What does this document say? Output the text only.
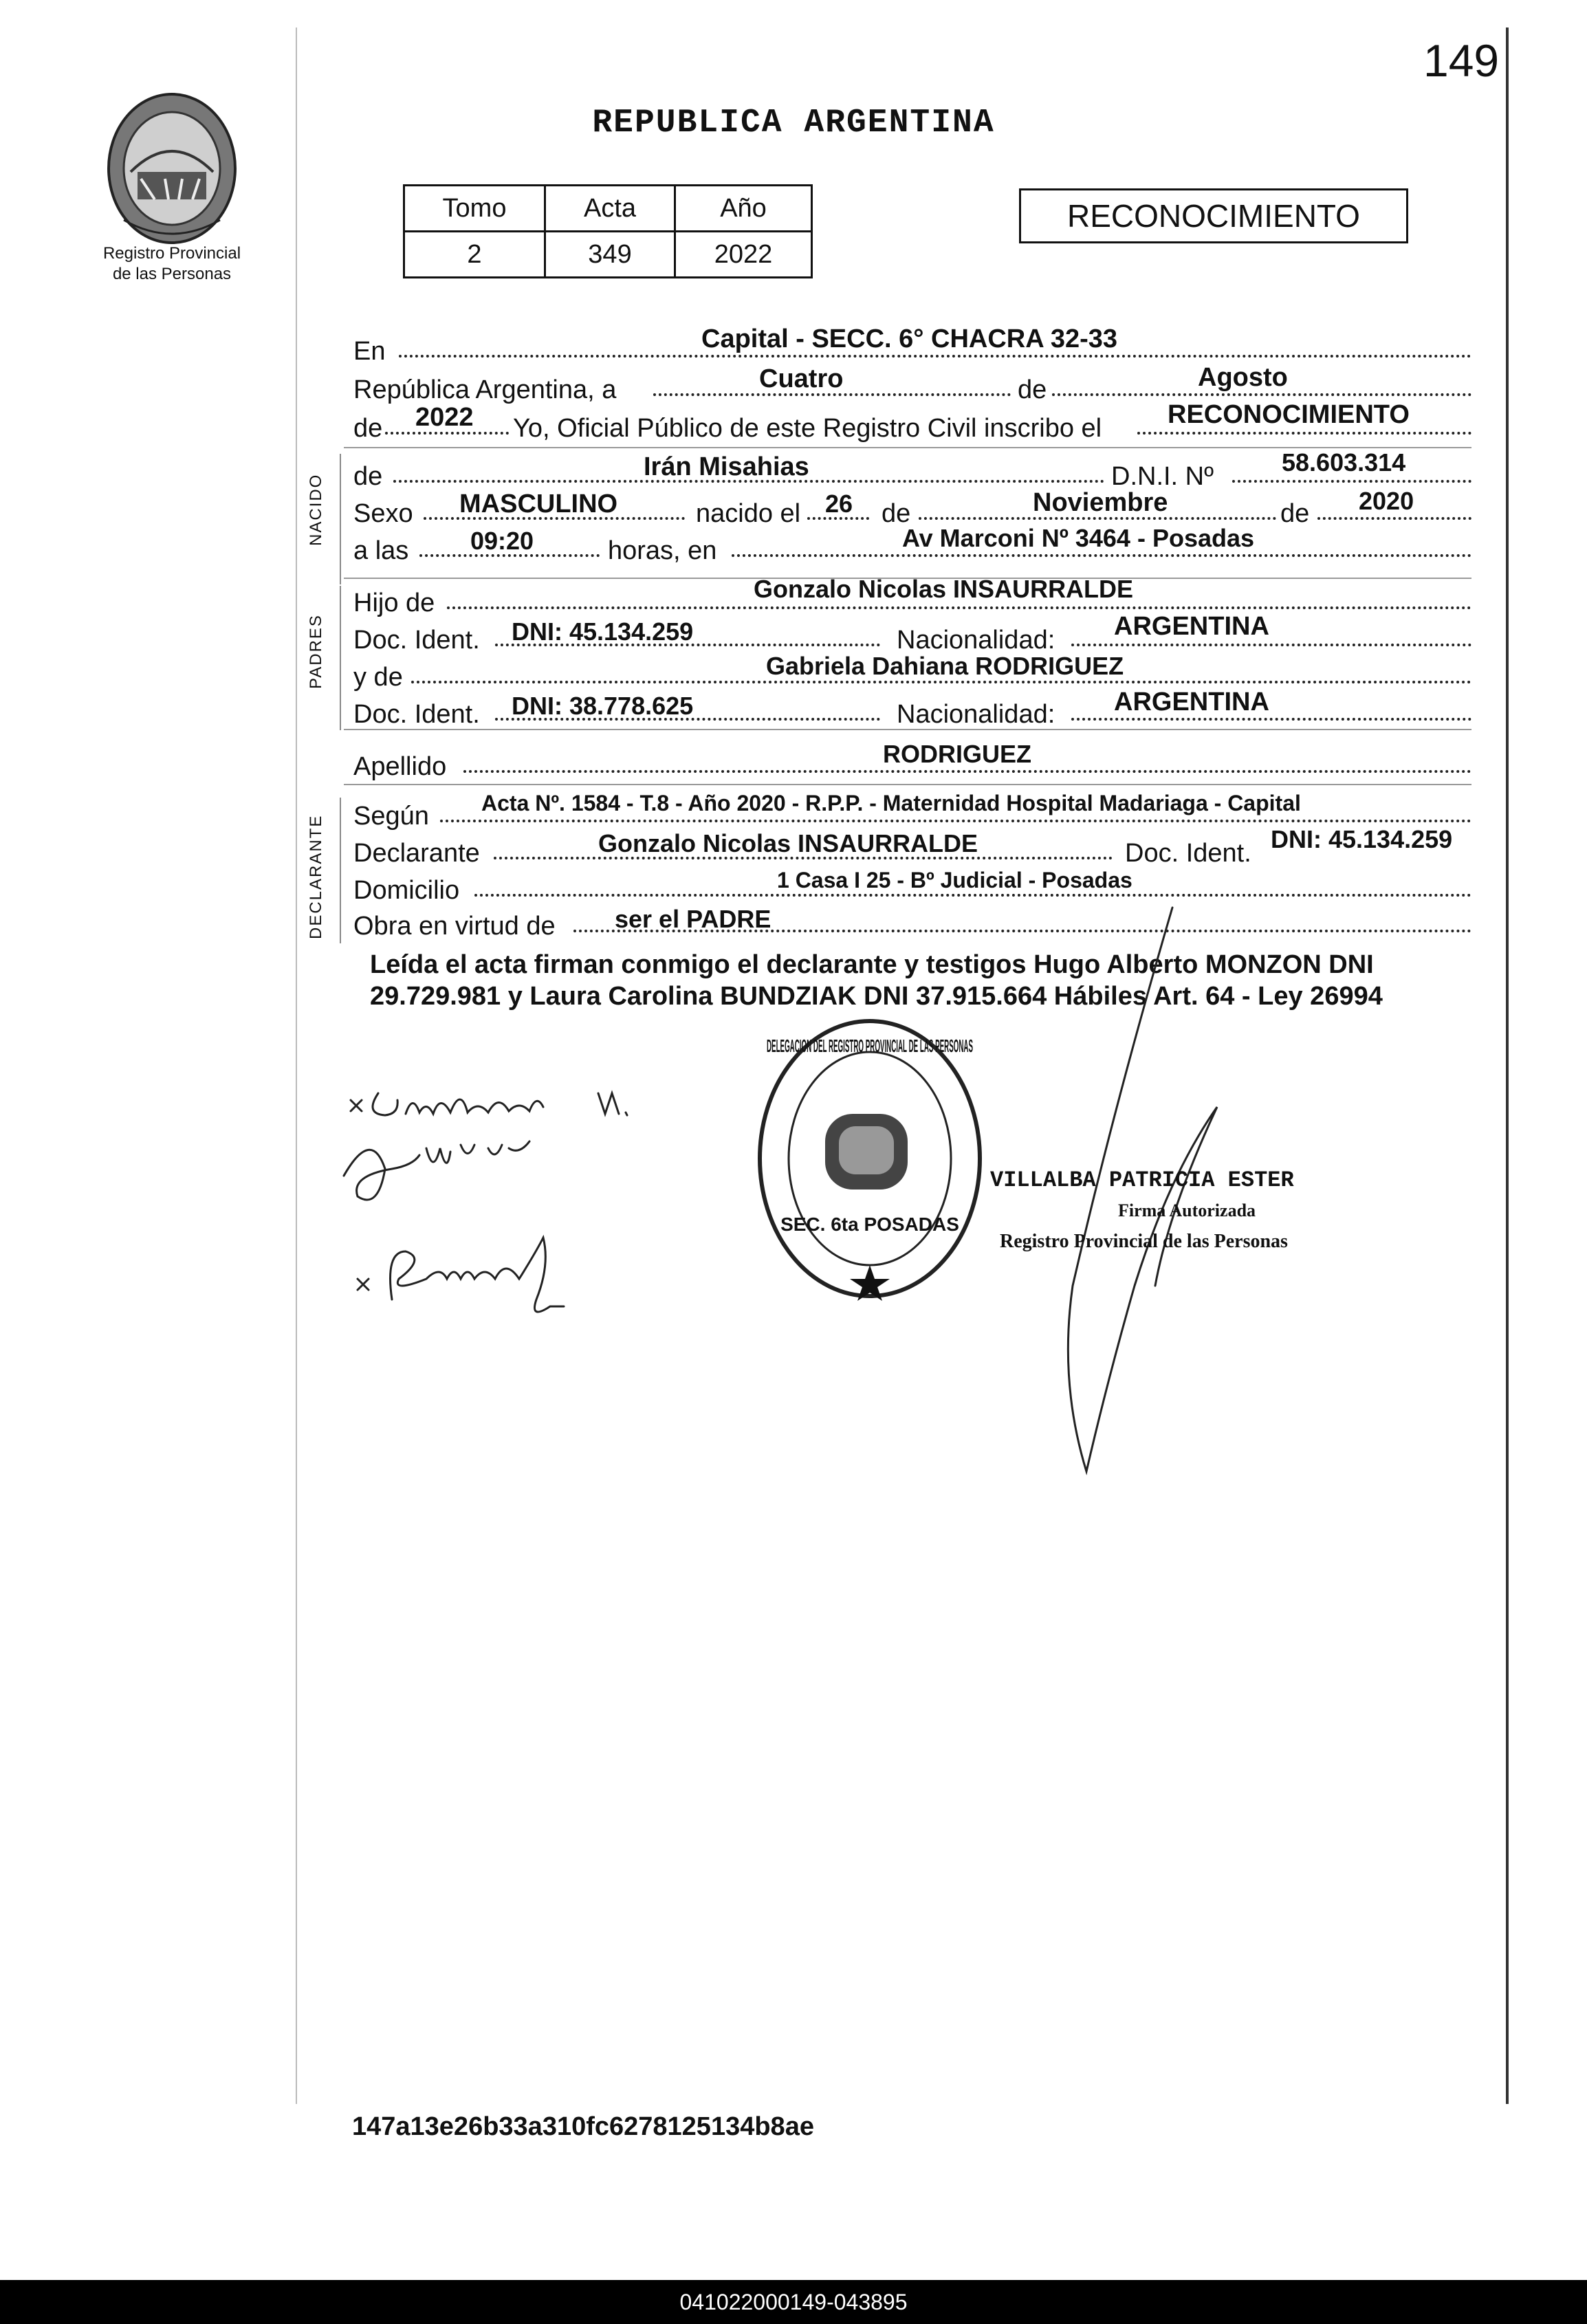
149
Registro Provincial
de las Personas
REPUBLICA ARGENTINA
Tomo	Acta	Año
2	349	2022
RECONOCIMIENTO
NACIDO
PADRES
DECLARANTE
En	Capital - SECC. 6° CHACRA 32-33
República Argentina, a	Cuatro	de	Agosto
de 2022 Yo, Oficial Público de este Registro Civil inscribo el	RECONOCIMIENTO
de	Irán Misahias	D.N.I. Nº	58.603.314
Sexo MASCULINO	nacido el 26 de	Noviembre	de 2020
a las 09:20	horas, en	Av Marconi Nº 3464 - Posadas
Hijo de	Gonzalo Nicolas INSAURRALDE
Doc. Ident. DNI: 45.134.259	Nacionalidad: ARGENTINA
y de	Gabriela Dahiana RODRIGUEZ
Doc. Ident. DNI: 38.778.625	Nacionalidad: ARGENTINA
Apellido	RODRIGUEZ
Según Acta Nº. 1584 - T.8 - Año 2020 - R.P.P. - Maternidad Hospital Madariaga - Capital
Declarante	Gonzalo Nicolas INSAURRALDE	Doc. Ident. DNI: 45.134.259
Domicilio	1 Casa I 25 - Bº Judicial - Posadas
Obra en virtud de ser el PADRE
Leída el acta firman conmigo el declarante y testigos Hugo Alberto MONZON DNI 29.729.981 y Laura Carolina BUNDZIAK DNI 37.915.664 Hábiles Art. 64 - Ley 26994
DELEGACION DEL REGISTRO PROVINCIAL DE LAS PERSONAS
SEC. 6ta POSADAS
VILLALBA PATRICIA ESTER
Firma Autorizada
Registro Provincial de las Personas
147a13e26b33a310fc6278125134b8ae
041022000149-043895
